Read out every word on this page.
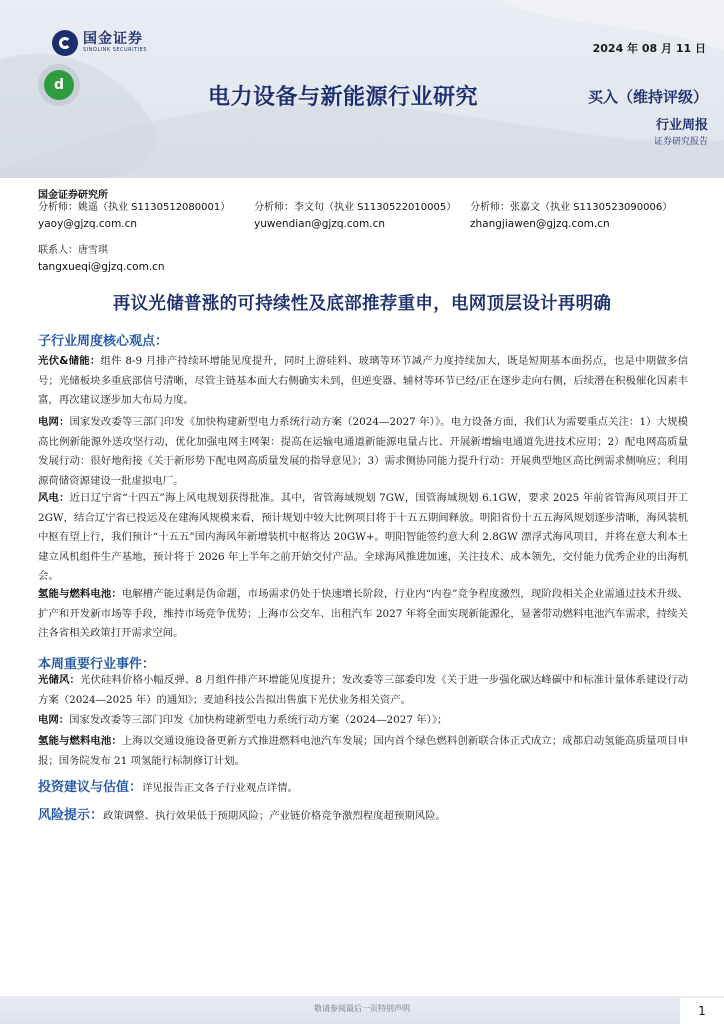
国金证券
SINOLINK SECURITIES
d
2024 年 08 月 11 日
电力设备与新能源行业研究	买入（维持评级）
行业周报
证券研究报告
国金证券研究所
分析师：姚遥（执业 S1130512080001）
yaoy@gjzq.com.cn
分析师：李文旬（执业 S1130522010005）
yuwendian@gjzq.com.cn
分析师：张嘉文（执业 S1130523090006）
zhangjiawen@gjzq.com.cn
联系人：唐雪琪
tangxueqi@gjzq.com.cn
再议光储普涨的可持续性及底部推荐重申，电网顶层设计再明确
子行业周度核心观点：
光伏&储能：组件 8-9 月排产持续环增能见度提升，同时上游硅料、玻璃等环节减产力度持续加大，既是短期基本面拐点，也是中期做多信号；光储板块多重底部信号清晰，尽管主链基本面大右侧确实未到，但逆变器、辅材等环节已经/正在逐步走向右侧，后续潜在积极催化因素丰富，再次建议逐步加大布局力度。
电网：国家发改委等三部门印发《加快构建新型电力系统行动方案（2024—2027 年）》。电力设备方面，我们认为需要重点关注：1）大规模高比例新能源外送攻坚行动，优化加强电网主网架：提高在运输电通道新能源电量占比、开展新增输电通道先进技术应用；2）配电网高质量发展行动：很好地衔接《关于新形势下配电网高质量发展的指导意见》；3）需求侧协同能力提升行动：开展典型地区高比例需求侧响应；利用源荷储资源建设一批虚拟电厂。
风电：近日辽宁省“十四五”海上风电规划获得批准。其中，省管海域规划 7GW，国管海域规划 6.1GW，要求 2025 年前省管海风项目开工 2GW，结合辽宁省已投运及在建海风规模来看，预计规划中较大比例项目将于十五五期间释放。明阳省份十五五海风规划逐步清晰，海风装机中枢有望上行，我们预计“十五五”国内海风年新增装机中枢将达 20GW+。明阳智能签约意大利 2.8GW 漂浮式海风项目，并将在意大利本土建立风机组件生产基地，预计将于 2026 年上半年之前开始交付产品。全球海风推进加速，关注技术、成本领先，交付能力优秀企业的出海机会。
氢能与燃料电池：电解槽产能过剩是伪命题，市场需求仍处于快速增长阶段，行业内“内卷”竞争程度激烈，现阶段相关企业需通过技术升级、扩产和开发新市场等手段，维持市场竞争优势；上海市公交车、出租汽车 2027 年将全面实现新能源化，显著带动燃料电池汽车需求，持续关注各省相关政策打开需求空间。
本周重要行业事件：
光储风：光伏硅料价格小幅反弹、8 月组件排产环增能见度提升；发改委等三部委印发《关于进一步强化碳达峰碳中和标准计量体系建设行动方案（2024—2025 年）的通知》；麦迪科技公告拟出售旗下光伏业务相关资产。
电网：国家发改委等三部门印发《加快构建新型电力系统行动方案（2024—2027 年）》；
氢能与燃料电池：上海以交通设施设备更新方式推进燃料电池汽车发展；国内首个绿色燃料创新联合体正式成立；成都启动氢能高质量项目申报；国务院发布 21 项氢能行标制修订计划。
投资建议与估值：详见报告正文各子行业观点详情。
风险提示：政策调整、执行效果低于预期风险；产业链价格竞争激烈程度超预期风险。
敬请参阅最后一页特别声明	1
